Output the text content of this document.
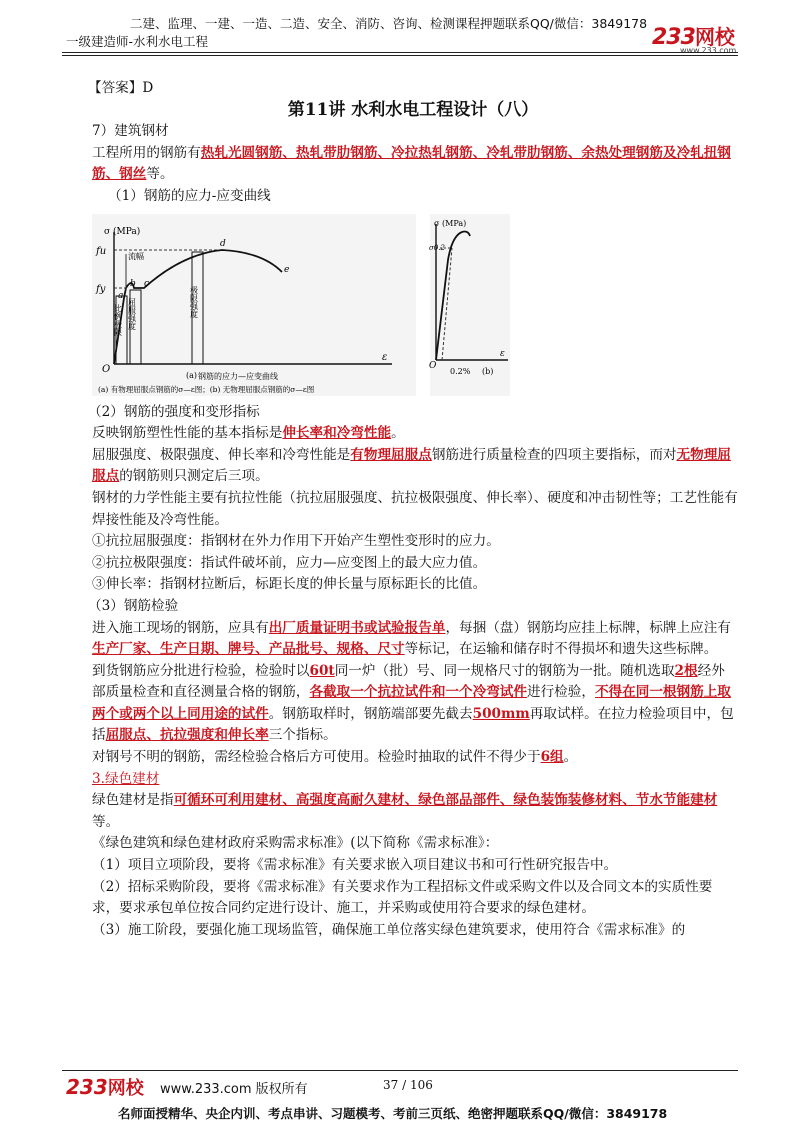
二建、监理、一建、一造、二造、安全、消防、咨询、检测课程押题联系QQ/微信：3849178
一级建造师-水利水电工程	233网校
www.233.com

【答案】D

第11讲 水利水电工程设计（八）

7）建筑钢材

工程所用的钢筋有热轧光圆钢筋、热轧带肋钢筋、冷拉热轧钢筋、冷轧带肋钢筋、余热处理钢筋及冷轧扭钢筋、钢丝等。

（1）钢筋的应力-应变曲线

σ (MPa)
fu
fy
a
b c
d
e
流幅
比例极限 屈服强度	极限强度
O
ε
(a) 钢筋的应力—应变曲线
(a) 有物理屈服点钢筋的σ—ε图；(b) 无物理屈服点钢筋的σ—ε图
σ (MPa)
σ0.2
O
ε
0.2% (b)

（2）钢筋的强度和变形指标

反映钢筋塑性性能的基本指标是伸长率和冷弯性能。

屈服强度、极限强度、伸长率和冷弯性能是有物理屈服点钢筋进行质量检查的四项主要指标，而对无物理屈服点的钢筋则只测定后三项。

钢材的力学性能主要有抗拉性能（抗拉屈服强度、抗拉极限强度、伸长率）、硬度和冲击韧性等；工艺性能有焊接性能及冷弯性能。

①抗拉屈服强度：指钢材在外力作用下开始产生塑性变形时的应力。

②抗拉极限强度：指试件破坏前，应力—应变图上的最大应力值。

③伸长率：指钢材拉断后，标距长度的伸长量与原标距长的比值。

（3）钢筋检验

进入施工现场的钢筋，应具有出厂质量证明书或试验报告单，每捆（盘）钢筋均应挂上标牌，标牌上应注有生产厂家、生产日期、牌号、产品批号、规格、尺寸等标记，在运输和储存时不得损坏和遗失这些标牌。

到货钢筋应分批进行检验，检验时以60t同一炉（批）号、同一规格尺寸的钢筋为一批。随机选取2根经外部质量检查和直径测量合格的钢筋，各截取一个抗拉试件和一个冷弯试件进行检验，不得在同一根钢筋上取两个或两个以上同用途的试件。钢筋取样时，钢筋端部要先截去500mm再取试样。在拉力检验项目中，包括屈服点、抗拉强度和伸长率三个指标。

对钢号不明的钢筋，需经检验合格后方可使用。检验时抽取的试件不得少于6组。

3.绿色建材

绿色建材是指可循环可利用建材、高强度高耐久建材、绿色部品部件、绿色装饰装修材料、节水节能建材等。

《绿色建筑和绿色建材政府采购需求标准》(以下简称《需求标准》：

（1）项目立项阶段，要将《需求标准》有关要求嵌入项目建议书和可行性研究报告中。

（2）招标采购阶段，要将《需求标准》有关要求作为工程招标文件或采购文件以及合同文本的实质性要求，要求承包单位按合同约定进行设计、施工，并采购或使用符合要求的绿色建材。

（3）施工阶段，要强化施工现场监管，确保施工单位落实绿色建筑要求，使用符合《需求标准》的

233网校 www.233.com 版权所有	37 / 106
名师面授精华、央企内训、考点串讲、习题模考、考前三页纸、绝密押题联系QQ/微信：3849178
